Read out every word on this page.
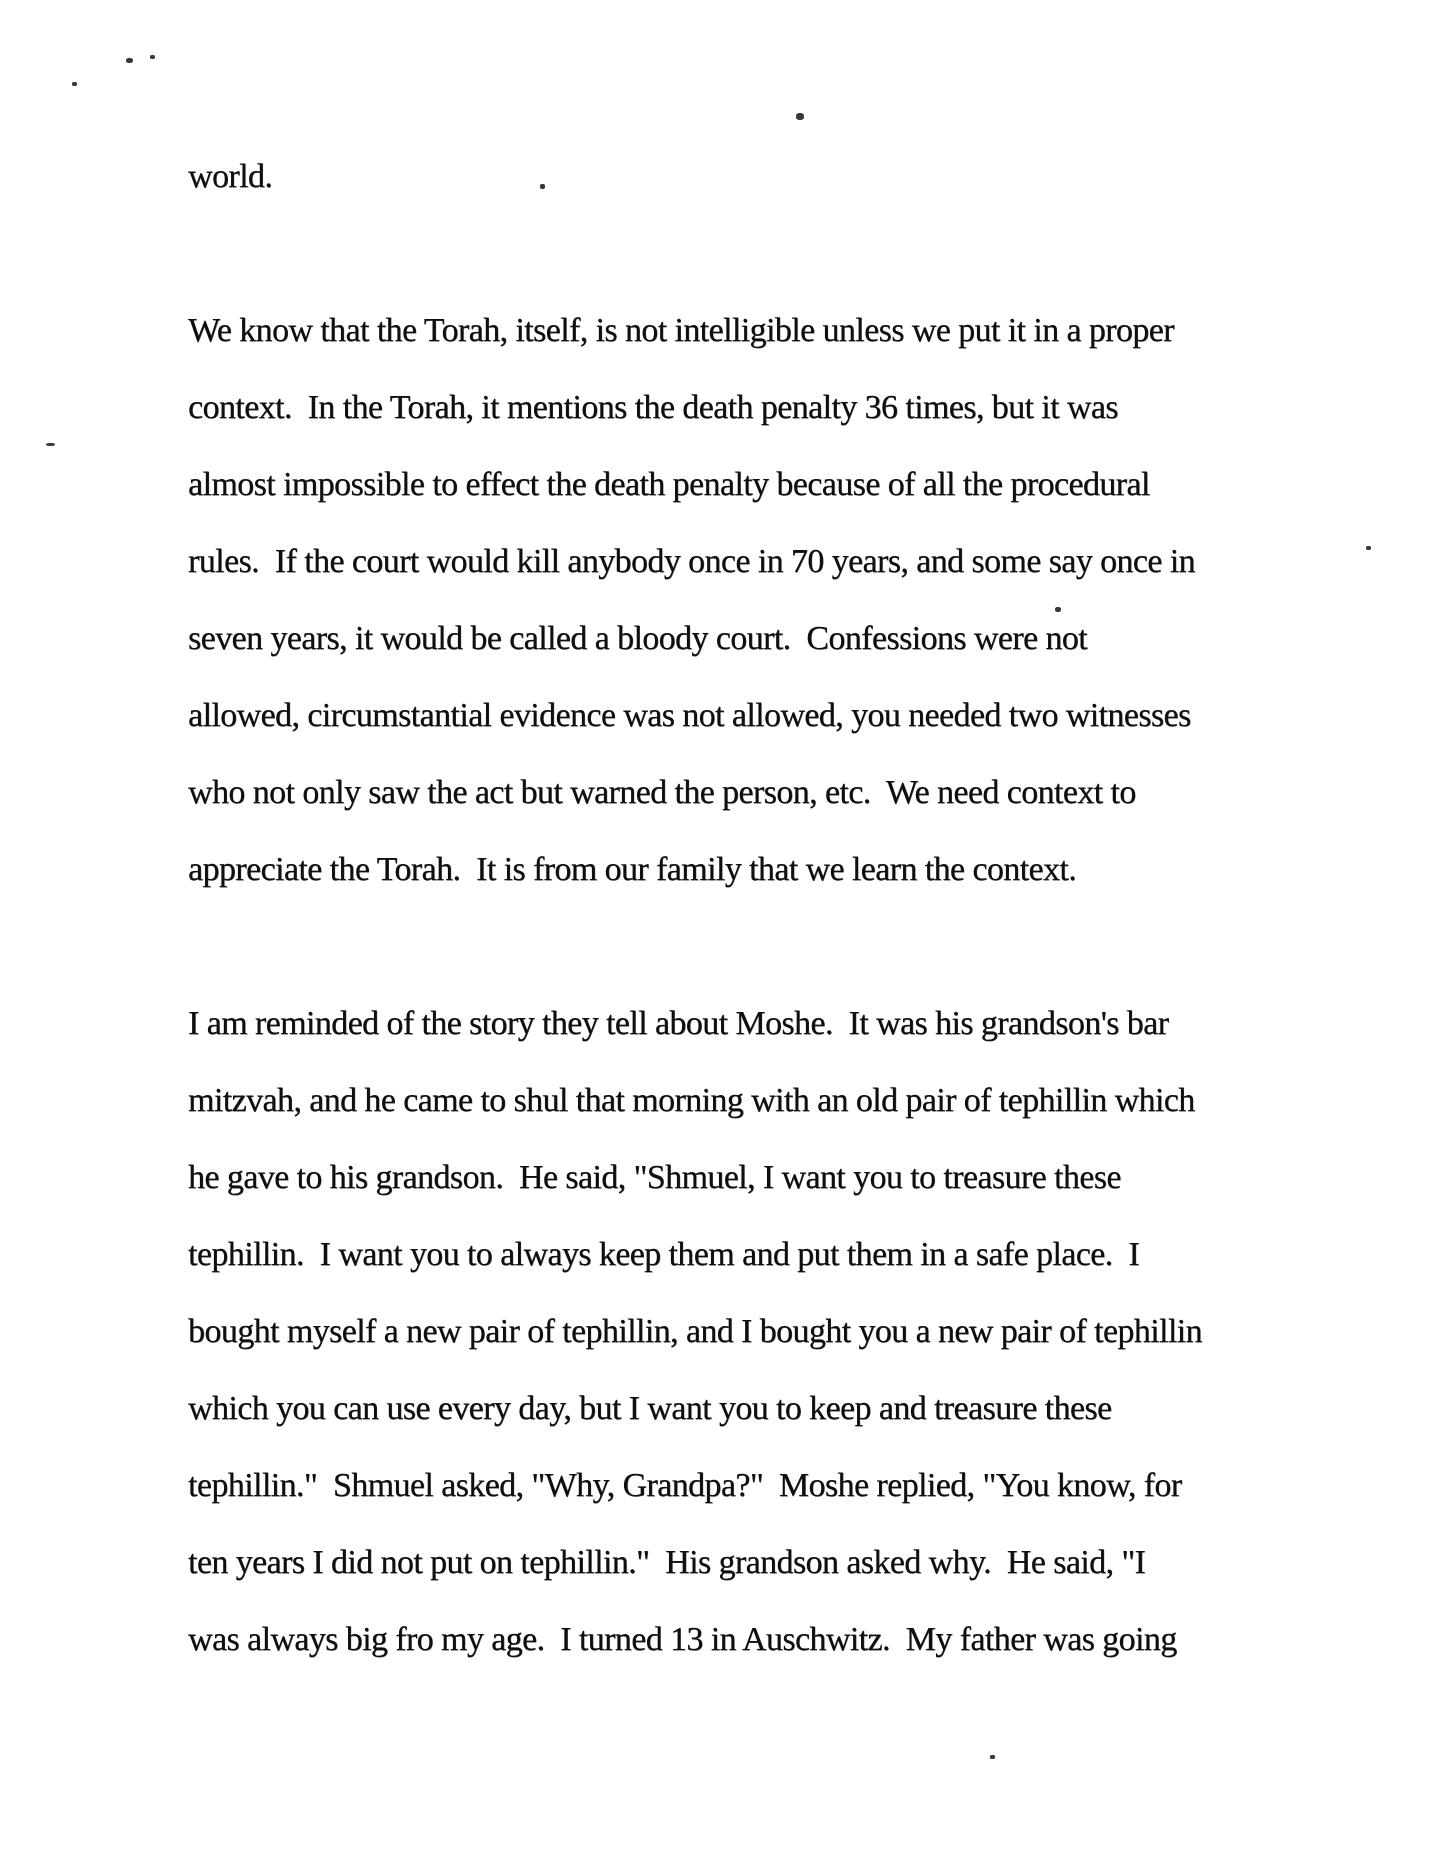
world.
We know that the Torah, itself, is not intelligible unless we put it in a proper
context.  In the Torah, it mentions the death penalty 36 times, but it was
almost impossible to effect the death penalty because of all the procedural
rules.  If the court would kill anybody once in 70 years, and some say once in
seven years, it would be called a bloody court.  Confessions were not
allowed, circumstantial evidence was not allowed, you needed two witnesses
who not only saw the act but warned the person, etc.  We need context to
appreciate the Torah.  It is from our family that we learn the context.
I am reminded of the story they tell about Moshe.  It was his grandson's bar
mitzvah, and he came to shul that morning with an old pair of tephillin which
he gave to his grandson.  He said, "Shmuel, I want you to treasure these
tephillin.  I want you to always keep them and put them in a safe place.  I
bought myself a new pair of tephillin, and I bought you a new pair of tephillin
which you can use every day, but I want you to keep and treasure these
tephillin."  Shmuel asked, "Why, Grandpa?"  Moshe replied, "You know, for
ten years I did not put on tephillin."  His grandson asked why.  He said, "I
was always big fro my age.  I turned 13 in Auschwitz.  My father was going
